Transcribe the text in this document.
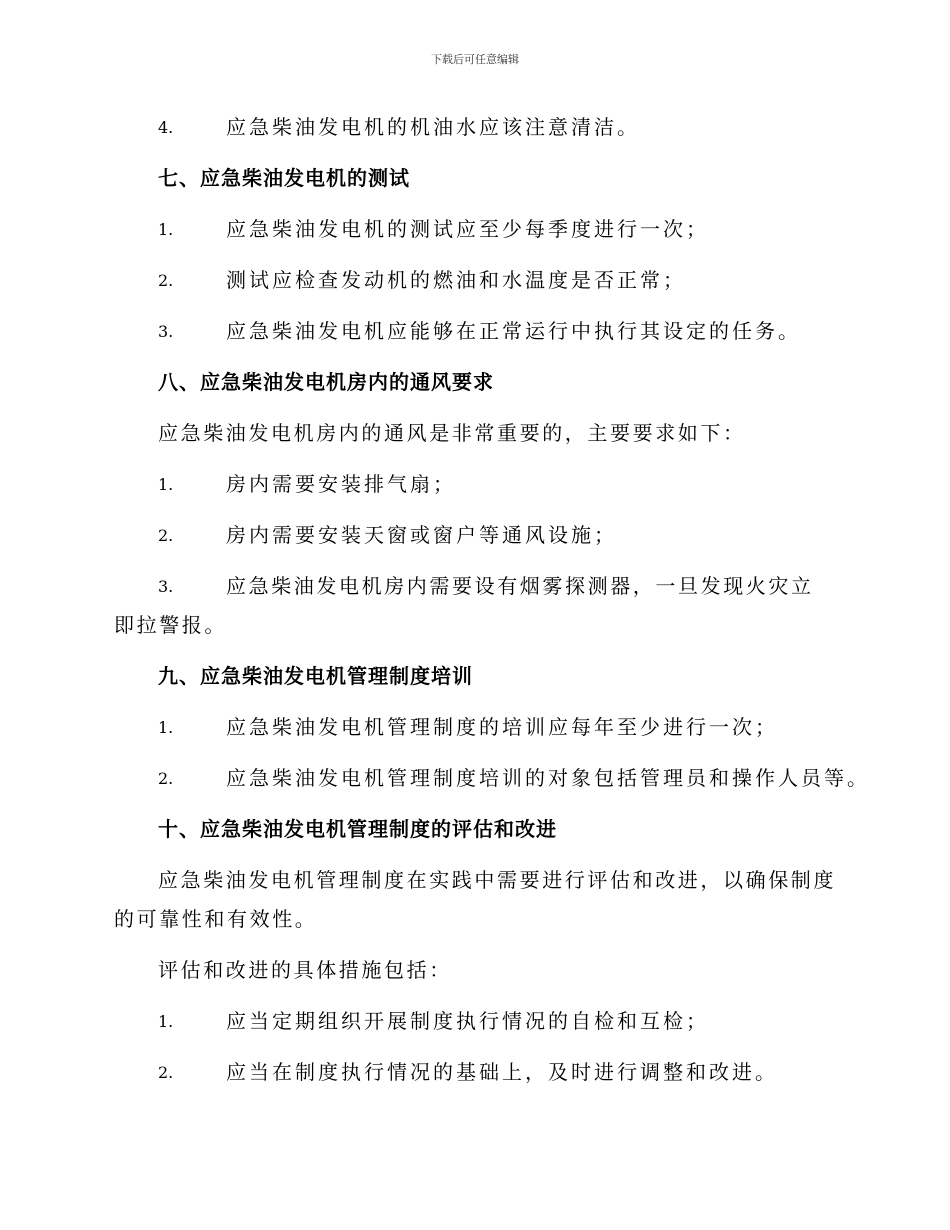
下载后可任意编辑
4.	应急柴油发电机的机油水应该注意清洁。
七、应急柴油发电机的测试
1.	应急柴油发电机的测试应至少每季度进行一次；
2.	测试应检查发动机的燃油和水温度是否正常；
3.	应急柴油发电机应能够在正常运行中执行其设定的任务。
八、应急柴油发电机房内的通风要求
应急柴油发电机房内的通风是非常重要的，主要要求如下：
1.	房内需要安装排气扇；
2.	房内需要安装天窗或窗户等通风设施；
3.	应急柴油发电机房内需要设有烟雾探测器，一旦发现火灾立即拉警报。
九、应急柴油发电机管理制度培训
1.	应急柴油发电机管理制度的培训应每年至少进行一次；
2.	应急柴油发电机管理制度培训的对象包括管理员和操作人员等。
十、应急柴油发电机管理制度的评估和改进
应急柴油发电机管理制度在实践中需要进行评估和改进，以确保制度的可靠性和有效性。
评估和改进的具体措施包括：
1.	应当定期组织开展制度执行情况的自检和互检；
2.	应当在制度执行情况的基础上，及时进行调整和改进。
